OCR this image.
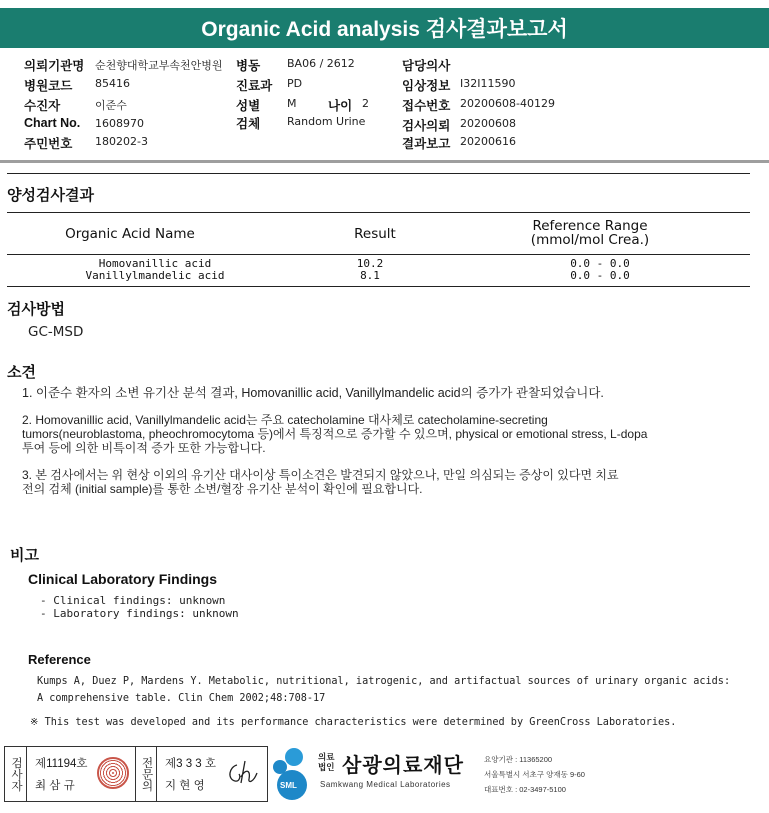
Organic Acid analysis 검사결과보고서
의뢰기관명 순천향대학교부속천안병원 병동 BA06 / 2612	담당의사
병원코드 85416	진료과 PD	임상정보 I32I11590
수진자	이준수	성별 M	나이 2	접수번호 20200608-40129
Chart No. 1608970	검체 Random Urine	검사의뢰 20200608
주민번호 180202-3	결과보고 20200616
양성검사결과
Organic Acid Name	Result	Reference Range
(mmol/mol Crea.)
Homovanillic acid	10.2	0.0 - 0.0
Vanillylmandelic acid	8.1	0.0 - 0.0
검사방법
GC-MSD
소견
1. 이준수 환자의 소변 유기산 분석 결과, Homovanillic acid, Vanillylmandelic acid의 증가가 관찰되었습니다.
2. Homovanillic acid, Vanillylmandelic acid는 주요 catecholamine 대사체로 catecholamine-secreting
tumors(neuroblastoma, pheochromocytoma 등)에서 특징적으로 증가할 수 있으며, physical or emotional stress, L-dopa
투여 등에 의한 비특이적 증가 또한 가능합니다.
3. 본 검사에서는 위 현상 이외의 유기산 대사이상 특이소견은 발견되지 않았으나, 만일 의심되는 증상이 있다면 치료
전의 검체 (initial sample)를 통한 소변/혈장 유기산 분석이 확인에 필요합니다.
비고
Clinical Laboratory Findings
- Clinical findings: unknown
- Laboratory findings: unknown
Reference
Kumps A, Duez P, Mardens Y. Metabolic, nutritional, iatrogenic, and artifactual sources of urinary organic acids:
A comprehensive table. Clin Chem 2002;48:708-17
※ This test was developed and its performance characteristics were determined by GreenCross Laboratories.
검사자 제11194호
최 삼 규	전문의 제3 3 3 호
지 현 영	SML
의료
법인 삼광의료재단
Samkwang Medical Laboratories
요양기관 : 11365200
서울특별시 서초구 양재동 9-60
대표번호 : 02-3497-5100
